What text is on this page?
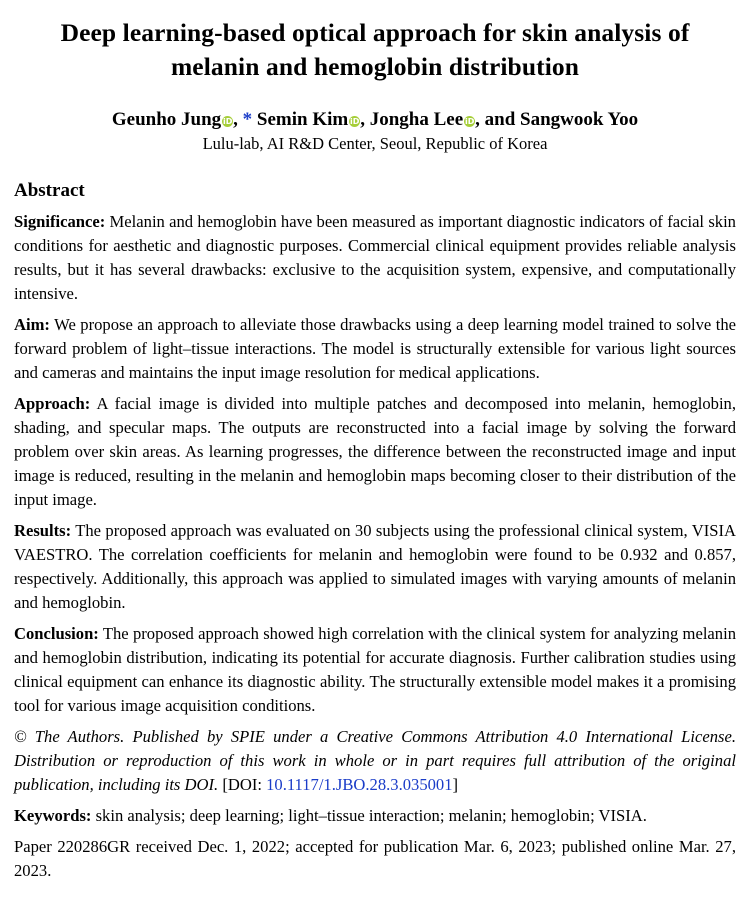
Deep learning-based optical approach for skin analysis of melanin and hemoglobin distribution
Geunho Jung iD, * Semin Kim iD, Jongha Lee iD, and Sangwook Yoo
Lulu-lab, AI R&D Center, Seoul, Republic of Korea
Abstract
Significance: Melanin and hemoglobin have been measured as important diagnostic indicators of facial skin conditions for aesthetic and diagnostic purposes. Commercial clinical equipment provides reliable analysis results, but it has several drawbacks: exclusive to the acquisition system, expensive, and computationally intensive.
Aim: We propose an approach to alleviate those drawbacks using a deep learning model trained to solve the forward problem of light–tissue interactions. The model is structurally extensible for various light sources and cameras and maintains the input image resolution for medical applications.
Approach: A facial image is divided into multiple patches and decomposed into melanin, hemoglobin, shading, and specular maps. The outputs are reconstructed into a facial image by solving the forward problem over skin areas. As learning progresses, the difference between the reconstructed image and input image is reduced, resulting in the melanin and hemoglobin maps becoming closer to their distribution of the input image.
Results: The proposed approach was evaluated on 30 subjects using the professional clinical system, VISIA VAESTRO. The correlation coefficients for melanin and hemoglobin were found to be 0.932 and 0.857, respectively. Additionally, this approach was applied to simulated images with varying amounts of melanin and hemoglobin.
Conclusion: The proposed approach showed high correlation with the clinical system for analyzing melanin and hemoglobin distribution, indicating its potential for accurate diagnosis. Further calibration studies using clinical equipment can enhance its diagnostic ability. The structurally extensible model makes it a promising tool for various image acquisition conditions.
© The Authors. Published by SPIE under a Creative Commons Attribution 4.0 International License. Distribution or reproduction of this work in whole or in part requires full attribution of the original publication, including its DOI. [DOI: 10.1117/1.JBO.28.3.035001]
Keywords: skin analysis; deep learning; light–tissue interaction; melanin; hemoglobin; VISIA.
Paper 220286GR received Dec. 1, 2022; accepted for publication Mar. 6, 2023; published online Mar. 27, 2023.
